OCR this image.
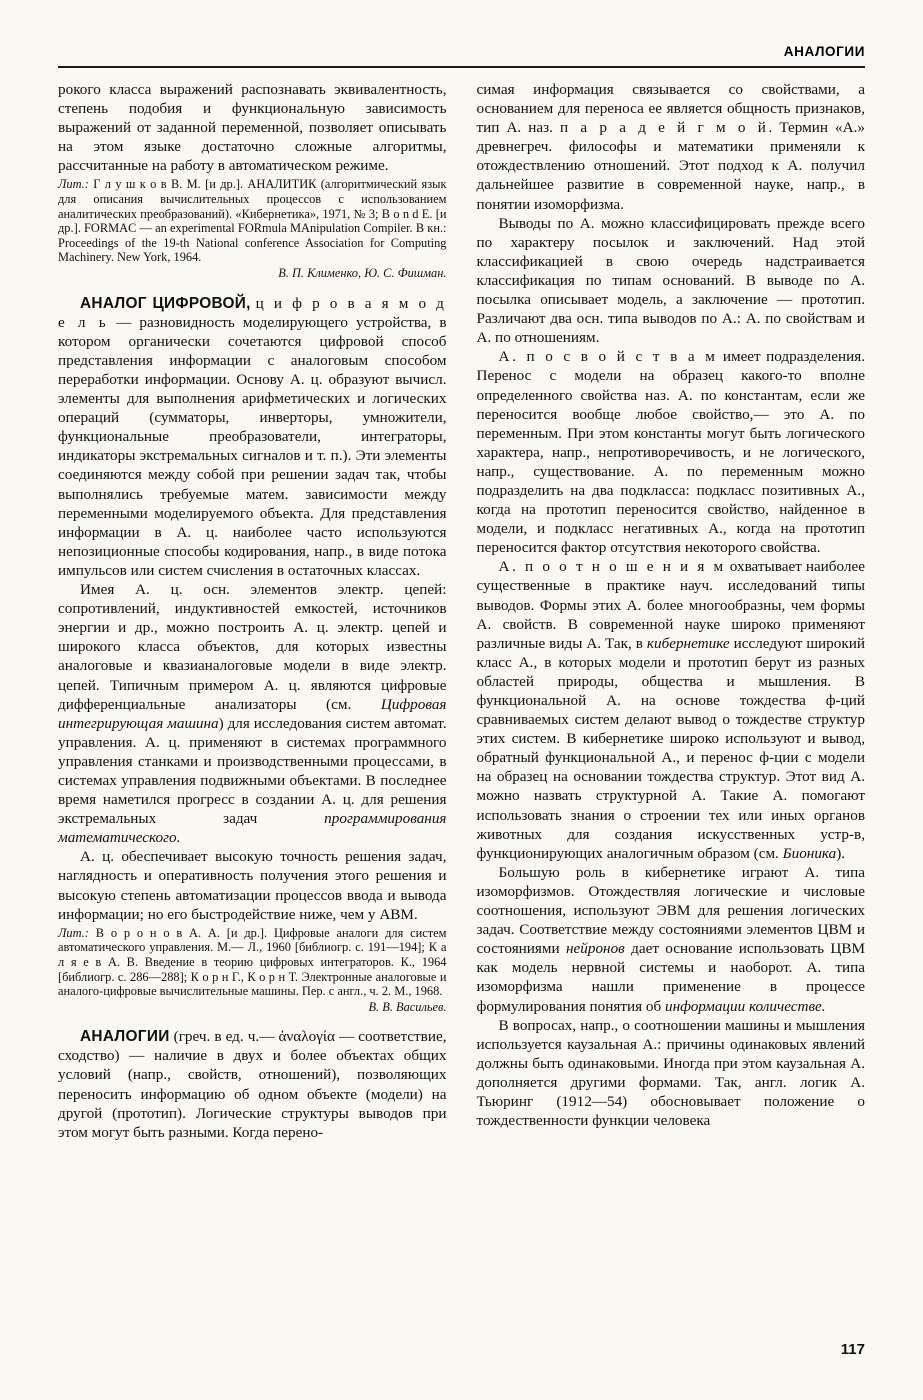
АНАЛОГИИ

рокого класса выражений распознавать эквивалентность, степень подобия и функциональную зависимость выражений от заданной переменной, позволяет описывать на этом языке достаточно сложные алгоритмы, рассчитанные на работу в автоматическом режиме.

Лит.: Г л у ш к о в В. М. [и др.]. АНАЛИТИК (алгоритмический язык для описания вычислительных процессов с использованием аналитических преобразований). «Кибернетика», 1971, № 3; B o n d E. [и др.]. FORMAC — an experimental FORmula MAnipulation Compiler. В кн.: Proceedings of the 19-th National conference Association for Computing Machinery. New York, 1964.

В. П. Клименко, Ю. С. Фишман.

АНАЛОГ ЦИФРОВОЙ, ц и ф р о в а я м о д е л ь — разновидность моделирующего устройства, в котором органически сочетаются цифровой способ представления информации с аналоговым способом переработки информации. Основу А. ц. образуют вычисл. элементы для выполнения арифметических и логических операций (сумматоры, инверторы, умножители, функциональные преобразователи, интеграторы, индикаторы экстремальных сигналов и т. п.). Эти элементы соединяются между собой при решении задач так, чтобы выполнялись требуемые матем. зависимости между переменными моделируемого объекта. Для представления информации в А. ц. наиболее часто используются непозиционные способы кодирования, напр., в виде потока импульсов или систем счисления в остаточных классах.

Имея А. ц. осн. элементов электр. цепей: сопротивлений, индуктивностей емкостей, источников энергии и др., можно построить А. ц. электр. цепей и широкого класса объектов, для которых известны аналоговые и квазианалоговые модели в виде электр. цепей. Типичным примером А. ц. являются цифровые дифференциальные анализаторы (см. Цифровая интегрирующая машина) для исследования систем автомат. управления. А. ц. применяют в системах программного управления станками и производственными процессами, в системах управления подвижными объектами. В последнее время наметился прогресс в создании А. ц. для решения экстремальных задач программирования математического.

А. ц. обеспечивает высокую точность решения задач, наглядность и оперативность получения этого решения и высокую степень автоматизации процессов ввода и вывода информации; но его быстродействие ниже, чем у АВМ.

Лит.: В о р о н о в А. А. [и др.]. Цифровые аналоги для систем автоматического управления. М.— Л., 1960 [библиогр. с. 191—194]; К а л я е в А. В. Введение в теорию цифровых интеграторов. К., 1964 [библиогр. с. 286—288]; К о р н Г., К о р н Т. Электронные аналоговые и аналого-цифровые вычислительные машины. Пер. с англ., ч. 2. М., 1968.

В. В. Васильев.

АНАЛОГИИ (греч. в ед. ч.— ἀναλογία — соответствие, сходство) — наличие в двух и более объектах общих условий (напр., свойств, отношений), позволяющих переносить информацию об одном объекте (модели) на другой (прототип). Логические структуры выводов при этом могут быть разными. Когда перено-

симая информация связывается со свойствами, а основанием для переноса ее является общность признаков, тип А. наз. п а р а д е й г м о й. Термин «А.» древнегреч. философы и математики применяли к отождествлению отношений. Этот подход к А. получил дальнейшее развитие в современной науке, напр., в понятии изоморфизма.

Выводы по А. можно классифицировать прежде всего по характеру посылок и заключений. Над этой классификацией в свою очередь надстраивается классификация по типам оснований. В выводе по А. посылка описывает модель, а заключение — прототип. Различают два осн. типа выводов по А.: А. по свойствам и А. по отношениям.

А. п о с в о й с т в а м имеет подразделения. Перенос с модели на образец какого-то вполне определенного свойства наз. А. по константам, если же переносится вообще любое свойство,— это А. по переменным. При этом константы могут быть логического характера, напр., непротиворечивость, и не логического, напр., существование. А. по переменным можно подразделить на два подкласса: подкласс позитивных А., когда на прототип переносится свойство, найденное в модели, и подкласс негативных А., когда на прототип переносится фактор отсутствия некоторого свойства.

А. п о о т н о ш е н и я м охватывает наиболее существенные в практике науч. исследований типы выводов. Формы этих А. более многообразны, чем формы А. свойств. В современной науке широко применяют различные виды А. Так, в кибернетике исследуют широкий класс А., в которых модели и прототип берут из разных областей природы, общества и мышления. В функциональной А. на основе тождества ф-ций сравниваемых систем делают вывод о тождестве структур этих систем. В кибернетике широко используют и вывод, обратный функциональной А., и перенос ф-ции с модели на образец на основании тождества структур. Этот вид А. можно назвать структурной А. Такие А. помогают использовать знания о строении тех или иных органов животных для создания искусственных устр-в, функционирующих аналогичным образом (см. Бионика).

Большую роль в кибернетике играют А. типа изоморфизмов. Отождествляя логические и числовые соотношения, используют ЭВМ для решения логических задач. Соответствие между состояниями элементов ЦВМ и состояниями нейронов дает основание использовать ЦВМ как модель нервной системы и наоборот. А. типа изоморфизма нашли применение в процессе формулирования понятия об информации количестве.

В вопросах, напр., о соотношении машины и мышления используется каузальная А.: причины одинаковых явлений должны быть одинаковыми. Иногда при этом каузальная А. дополняется другими формами. Так, англ. логик А. Тьюринг (1912—54) обосновывает положение о тождественности функции человека

117
